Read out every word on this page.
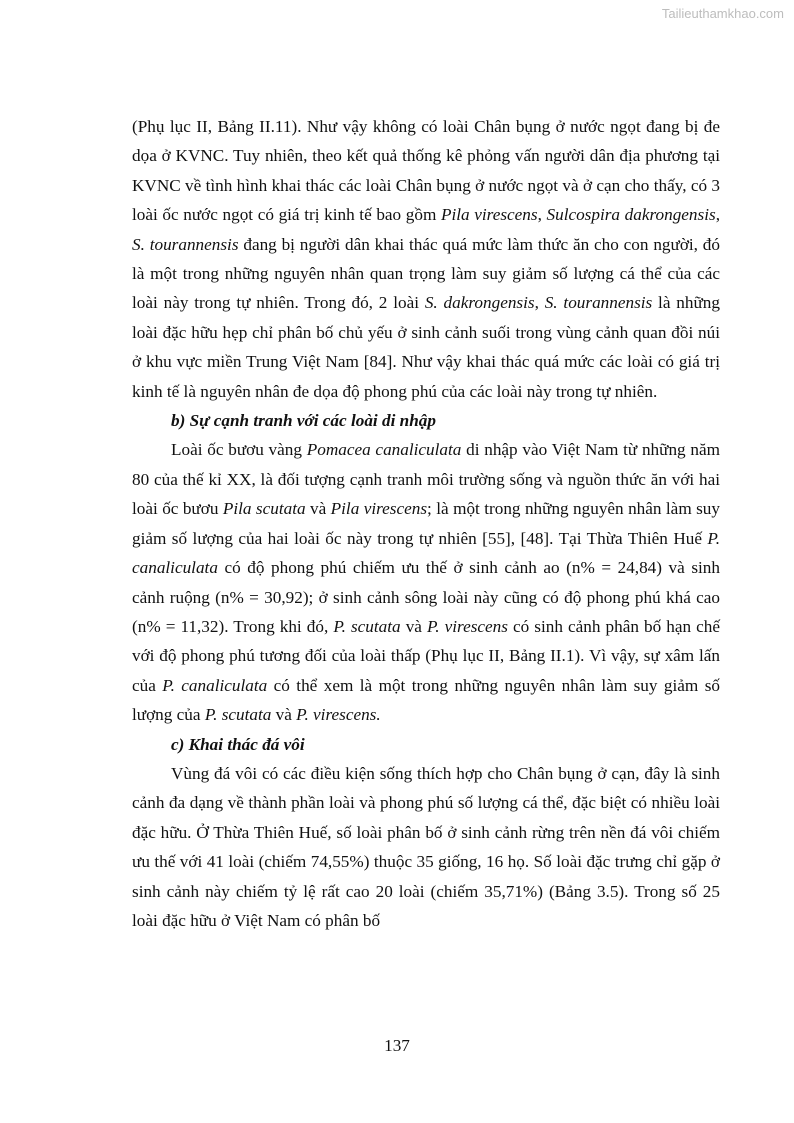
Tailieuthamkhao.com

(Phụ lục II, Bảng II.11). Như vậy không có loài Chân bụng ở nước ngọt đang bị đe dọa ở KVNC. Tuy nhiên, theo kết quả thống kê phỏng vấn người dân địa phương tại KVNC về tình hình khai thác các loài Chân bụng ở nước ngọt và ở cạn cho thấy, có 3 loài ốc nước ngọt có giá trị kinh tế bao gồm Pila virescens, Sulcospira dakrongensis, S. tourannensis đang bị người dân khai thác quá mức làm thức ăn cho con người, đó là một trong những nguyên nhân quan trọng làm suy giảm số lượng cá thể của các loài này trong tự nhiên. Trong đó, 2 loài S. dakrongensis, S. tourannensis là những loài đặc hữu hẹp chỉ phân bố chủ yếu ở sinh cảnh suối trong vùng cảnh quan đồi núi ở khu vực miền Trung Việt Nam [84]. Như vậy khai thác quá mức các loài có giá trị kinh tế là nguyên nhân đe dọa độ phong phú của các loài này trong tự nhiên.

b) Sự cạnh tranh với các loài di nhập

Loài ốc bươu vàng Pomacea canaliculata di nhập vào Việt Nam từ những năm 80 của thế kỉ XX, là đối tượng cạnh tranh môi trường sống và nguồn thức ăn với hai loài ốc bươu Pila scutata và Pila virescens; là một trong những nguyên nhân làm suy giảm số lượng của hai loài ốc này trong tự nhiên [55], [48]. Tại Thừa Thiên Huế P. canaliculata có độ phong phú chiếm ưu thế ở sinh cảnh ao (n% = 24,84) và sinh cảnh ruộng (n% = 30,92); ở sinh cảnh sông loài này cũng có độ phong phú khá cao (n% = 11,32). Trong khi đó, P. scutata và P. virescens có sinh cảnh phân bố hạn chế với độ phong phú tương đối của loài thấp (Phụ lục II, Bảng II.1). Vì vậy, sự xâm lấn của P. canaliculata có thể xem là một trong những nguyên nhân làm suy giảm số lượng của P. scutata và P. virescens.

c) Khai thác đá vôi

Vùng đá vôi có các điều kiện sống thích hợp cho Chân bụng ở cạn, đây là sinh cảnh đa dạng về thành phần loài và phong phú số lượng cá thể, đặc biệt có nhiều loài đặc hữu. Ở Thừa Thiên Huế, số loài phân bố ở sinh cảnh rừng trên nền đá vôi chiếm ưu thế với 41 loài (chiếm 74,55%) thuộc 35 giống, 16 họ. Số loài đặc trưng chỉ gặp ở sinh cảnh này chiếm tỷ lệ rất cao 20 loài (chiếm 35,71%) (Bảng 3.5). Trong số 25 loài đặc hữu ở Việt Nam có phân bố

137
